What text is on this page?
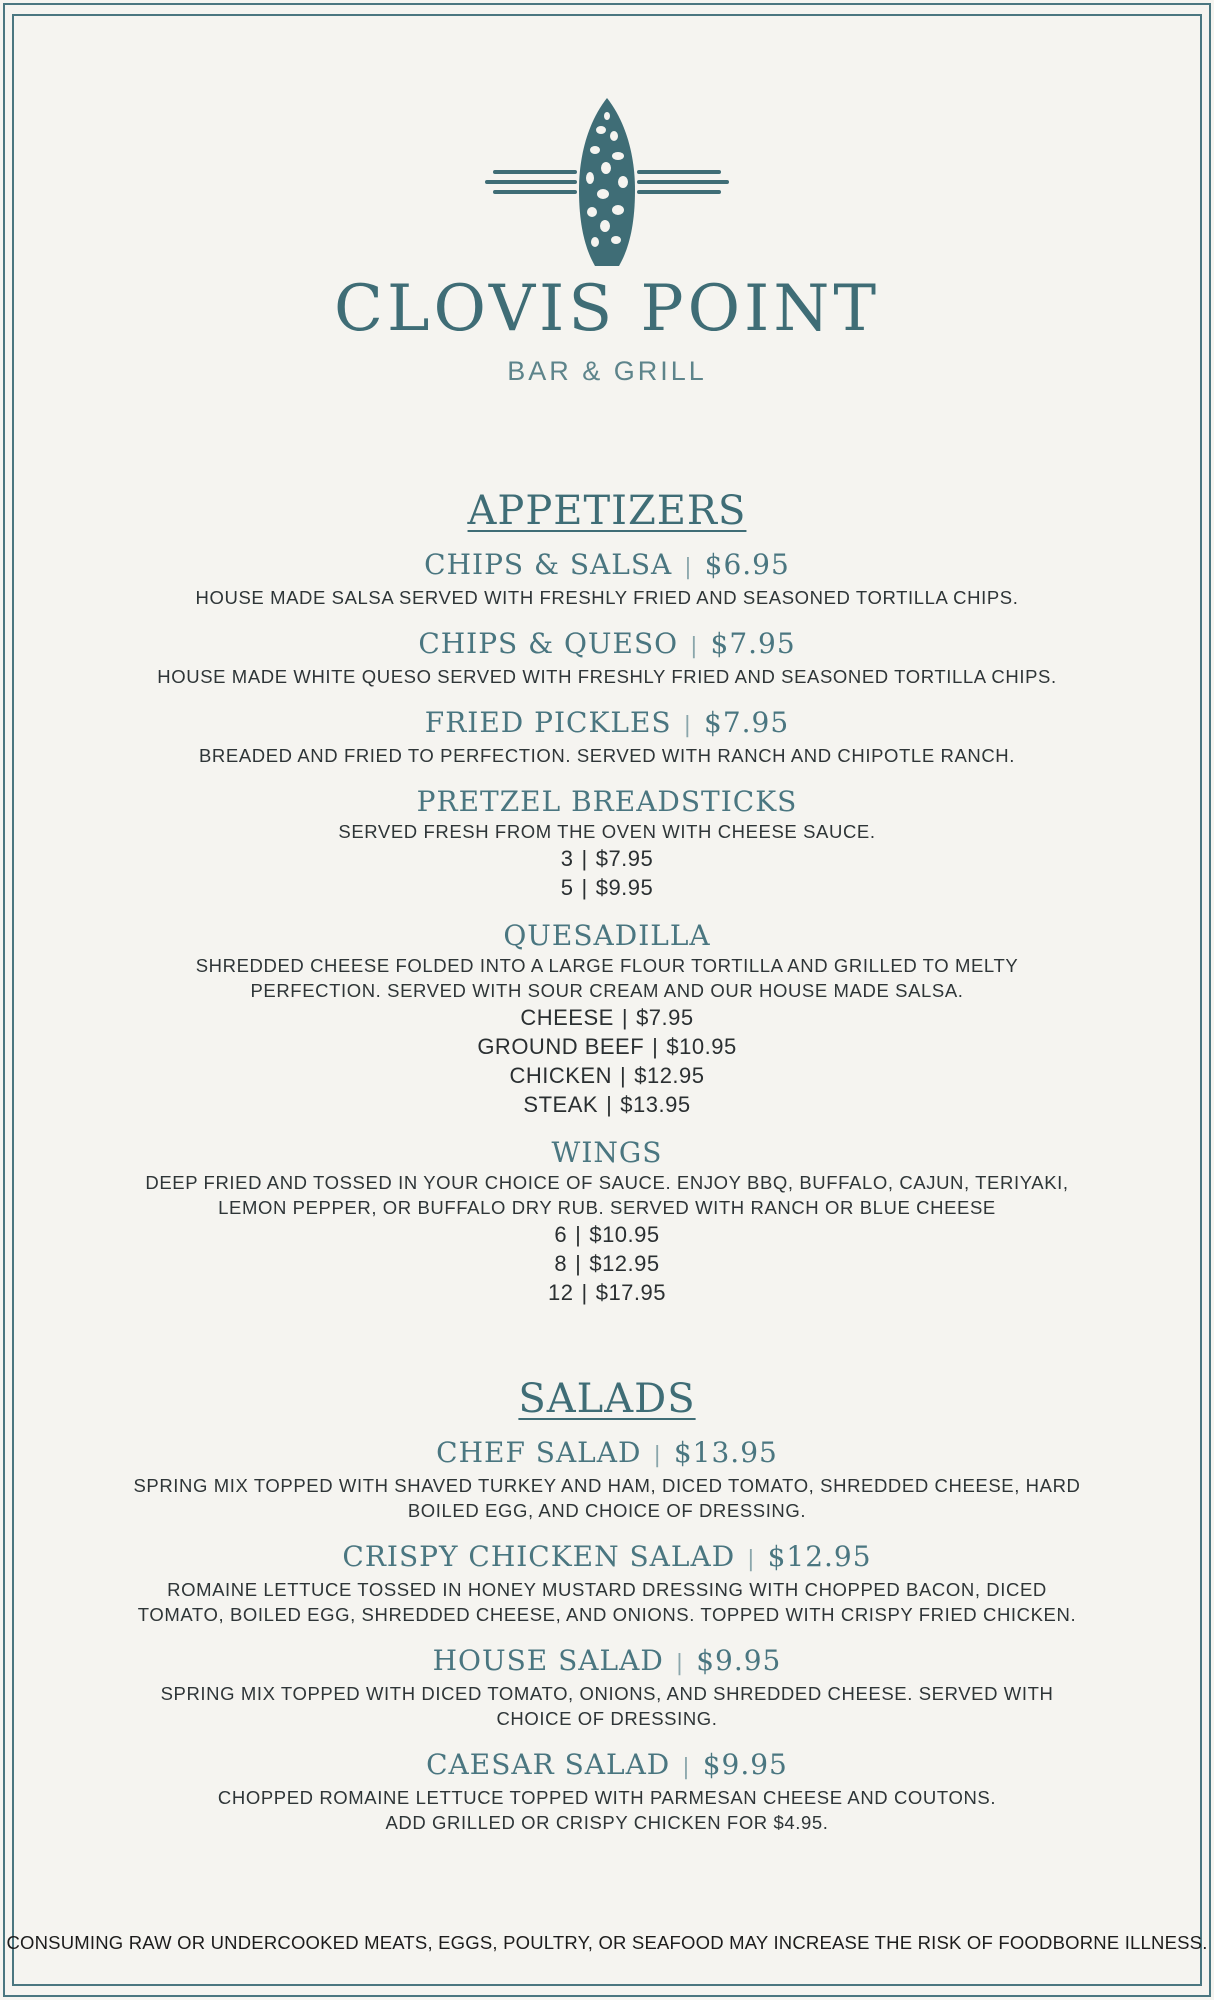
CLOVIS POINT
BAR & GRILL
APPETIZERS
CHIPS & SALSA | $6.95
HOUSE MADE SALSA SERVED WITH FRESHLY FRIED AND SEASONED TORTILLA CHIPS.
CHIPS & QUESO | $7.95
HOUSE MADE WHITE QUESO SERVED WITH FRESHLY FRIED AND SEASONED TORTILLA CHIPS.
FRIED PICKLES | $7.95
BREADED AND FRIED TO PERFECTION. SERVED WITH RANCH AND CHIPOTLE RANCH.
PRETZEL BREADSTICKS
SERVED FRESH FROM THE OVEN WITH CHEESE SAUCE.
3 | $7.95
5 | $9.95
QUESADILLA
SHREDDED CHEESE FOLDED INTO A LARGE FLOUR TORTILLA AND GRILLED TO MELTY
PERFECTION. SERVED WITH SOUR CREAM AND OUR HOUSE MADE SALSA.
CHEESE | $7.95
GROUND BEEF | $10.95
CHICKEN | $12.95
STEAK | $13.95
WINGS
DEEP FRIED AND TOSSED IN YOUR CHOICE OF SAUCE. ENJOY BBQ, BUFFALO, CAJUN, TERIYAKI,
LEMON PEPPER, OR BUFFALO DRY RUB. SERVED WITH RANCH OR BLUE CHEESE
6 | $10.95
8 | $12.95
12 | $17.95
SALADS
CHEF SALAD | $13.95
SPRING MIX TOPPED WITH SHAVED TURKEY AND HAM, DICED TOMATO, SHREDDED CHEESE, HARD
BOILED EGG, AND CHOICE OF DRESSING.
CRISPY CHICKEN SALAD | $12.95
ROMAINE LETTUCE TOSSED IN HONEY MUSTARD DRESSING WITH CHOPPED BACON, DICED
TOMATO, BOILED EGG, SHREDDED CHEESE, AND ONIONS. TOPPED WITH CRISPY FRIED CHICKEN.
HOUSE SALAD | $9.95
SPRING MIX TOPPED WITH DICED TOMATO, ONIONS, AND SHREDDED CHEESE. SERVED WITH
CHOICE OF DRESSING.
CAESAR SALAD | $9.95
CHOPPED ROMAINE LETTUCE TOPPED WITH PARMESAN CHEESE AND COUTONS.
ADD GRILLED OR CRISPY CHICKEN FOR $4.95.
CONSUMING RAW OR UNDERCOOKED MEATS, EGGS, POULTRY, OR SEAFOOD MAY INCREASE THE RISK OF FOODBORNE ILLNESS.
